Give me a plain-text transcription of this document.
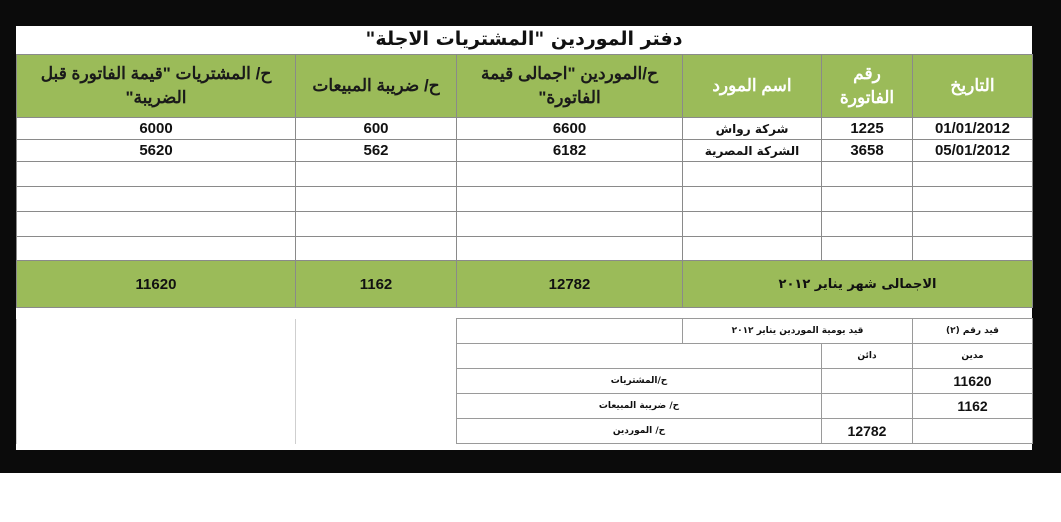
دفتر الموردين "المشتريات الاجلة"
التاريخ	رقم الفاتورة	اسم المورد	ح/الموردين "اجمالى قيمة الفاتورة"	ح/ ضريبة المبيعات	ح/ المشتريات "قيمة الفاتورة قبل الضريبة"
01/01/2012	1225	شركة رواش	6600	600	6000
05/01/2012	3658	الشركة المصرية	6182	562	5620

الاجمالى شهر يناير ٢٠١٢			12782	1162	11620
قيد رقم (٢)	قيد يومية الموردين يناير ٢٠١٢				
مدين	دائن				
11620		ح/المشتريات			
1162		ح/ ضريبة المبيعات			
	12782	ح/ الموردين			
